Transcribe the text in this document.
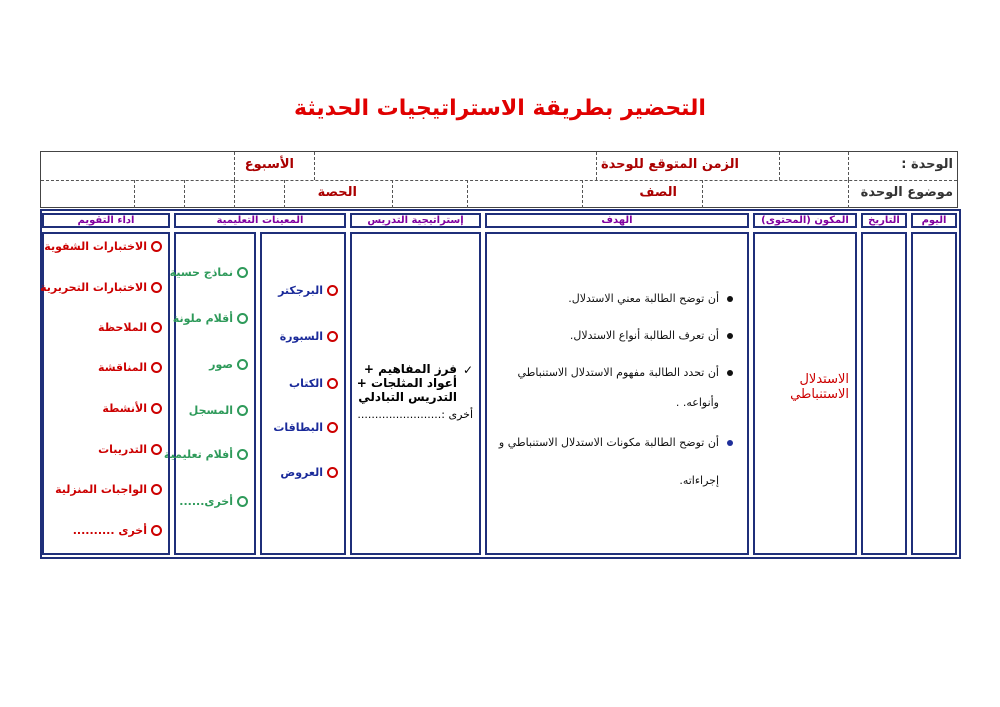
التحضير بطريقة الاستراتيجيات الحديثة
الوحدة :
الزمن المتوقع للوحدة
الأسبوع
موضوع الوحدة
الصف
الحصة
اليوم
التاريخ
المكون (المحتوى)
الاستدلال
الاستنباطي
الهدف
أن توضح الطالبة معني الاستدلال.
أن تعرف الطالبة أنواع الاستدلال.
أن تحدد الطالبة مفهوم الاستدلال الاستنباطي
وأنواعه. .
أن توضح الطالبة مكونات الاستدلال الاستنباطي و
إجراءاته.
إستراتيجية التدريس
✓
فرز المفاهيم +
أعواد المثلجات +
التدريس التبادلي
أخرى :........................
المعينات التعليمية
البرجكتر
السبورة
الكتاب
البطاقات
العروض
نماذج حسية
أقلام ملونة
صور
المسجل
أفلام تعليمية
أخرى......
اداء التقويم
الاختبارات الشفوية
الاختبارات التحريرية
الملاحظة
المناقشة
الأنشطة
التدريبات
الواجبات المنزلية
أخرى ..........
